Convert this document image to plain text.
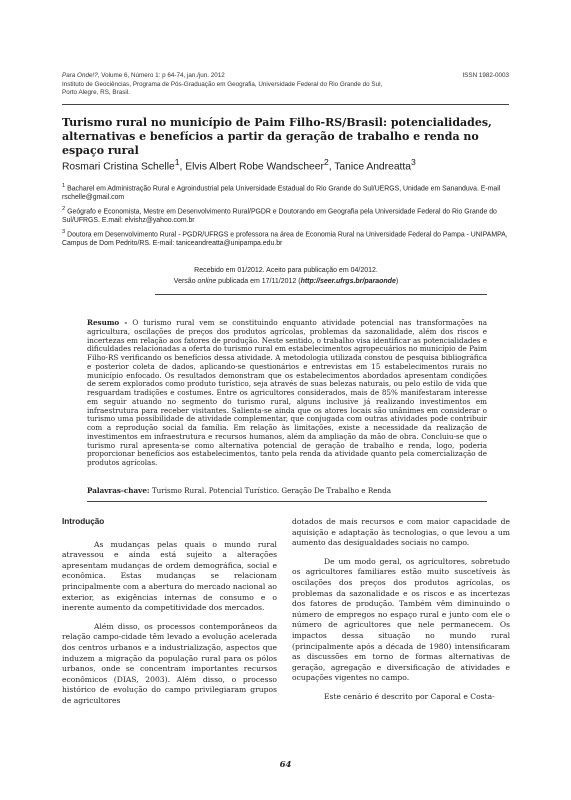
Para Onde!?, Volume 6, Número 1: p 64-74, jan./jun. 2012
Instituto de Geociências, Programa de Pós-Graduação em Geografia, Universidade Federal do Rio Grande do Sul,
Porto Alegre, RS, Brasil.
ISSN 1982-0003
Turismo rural no município de Paim Filho-RS/Brasil: potencialidades, alternativas e benefícios a partir da geração de trabalho e renda no espaço rural
Rosmari Cristina Schelle$^1$, Elvis Albert Robe Wandscheer$^2$, Tanice Andreatta$^3$

$^1$ Bacharel em Administração Rural e Agroindustrial pela Universidade Estadual do Rio Grande do Sul/UERGS, Unidade em Sananduva. E-mail rschelle@gmail.com

$^2$ Geógrafo e Economista, Mestre em Desenvolvimento Rural/PGDR e Doutorando em Geografia pela Universidade Federal do Rio Grande do Sul/UFRGS. E.mail: elvishz@yahoo.com.br

$^3$ Doutora em Desenvolvimento Rural - PGDR/UFRGS e professora na área de Economia Rural na Universidade Federal do Pampa - UNIPAMPA, Campus de Dom Pedrito/RS. E-mail: taniceandreatta@unipampa.edu.br

Recebido em 01/2012. Aceito para publicação em 04/2012.
Versão online publicada em 17/11/2012 (http://seer.ufrgs.br/paraonde)
Resumo - O turismo rural vem se constituindo enquanto atividade potencial nas transformações na agricultura, oscilações de preços dos produtos agrícolas, problemas da sazonalidade, além dos riscos e incertezas em relação aos fatores de produção. Neste sentido, o trabalho visa identificar as potencialidades e dificuldades relacionadas a oferta do turismo rural em estabelecimentos agropecuários no município de Paim Filho-RS verificando os benefícios dessa atividade. A metodologia utilizada constou de pesquisa bibliográfica e posterior coleta de dados, aplicando-se questionários e entrevistas em 15 estabelecimentos rurais no município enfocado. Os resultados demonstram que os estabelecimentos abordados apresentam condições de serem explorados como produto turístico, seja através de suas belezas naturais, ou pelo estilo de vida que resguardam tradições e costumes. Entre os agricultores considerados, mais de 85% manifestaram interesse em seguir atuando no segmento do turismo rural, alguns inclusive já realizando investimentos em infraestrutura para receber visitantes. Salienta-se ainda que os atores locais são unânimes em considerar o turismo uma possibilidade de atividade complementar, que conjugada com outras atividades pode contribuir com a reprodução social da família. Em relação às limitações, existe a necessidade da realização de investimentos em infraestrutura e recursos humanos, além da ampliação da mão de obra. Concluiu-se que o turismo rural apresenta-se como alternativa potencial de geração de trabalho e renda, logo, poderia proporcionar benefícios aos estabelecimentos, tanto pela renda da atividade quanto pela comercialização de produtos agrícolas.
Palavras-chave: Turismo Rural. Potencial Turístico. Geração De Trabalho e Renda
Introdução

As mudanças pelas quais o mundo rural atravessou e ainda está sujeito a alterações apresentam mudanças de ordem demográfica, social e econômica. Estas mudanças se relacionam principalmente com a abertura do mercado nacional ao exterior, as exigências internas de consumo e o inerente aumento da competitividade dos mercados.

Além disso, os processos contemporâneos da relação campo-cidade têm levado a evolução acelerada dos centros urbanos e a industrialização, aspectos que induzem a migração da população rural para os pólos urbanos, onde se concentram importantes recursos econômicos (DIAS, 2003). Além disso, o processo histórico de evolução do campo privilegiaram grupos de agricultores

dotados de mais recursos e com maior capacidade de aquisição e adaptação às tecnologias, o que levou a um aumento das desigualdades sociais no campo.

De um modo geral, os agricultores, sobretudo os agricultores familiares estão muito suscetíveis às oscilações dos preços dos produtos agrícolas, os problemas da sazonalidade e os riscos e as incertezas dos fatores de produção. Também vêm diminuindo o número de empregos no espaço rural e junto com ele o número de agricultores que nele permanecem. Os impactos dessa situação no mundo rural (principalmente após a década de 1980) intensificaram as discussões em torno de formas alternativas de geração, agregação e diversificação de atividades e ocupações vigentes no campo.

Este cenário é descrito por Caporal e Costa-

64
